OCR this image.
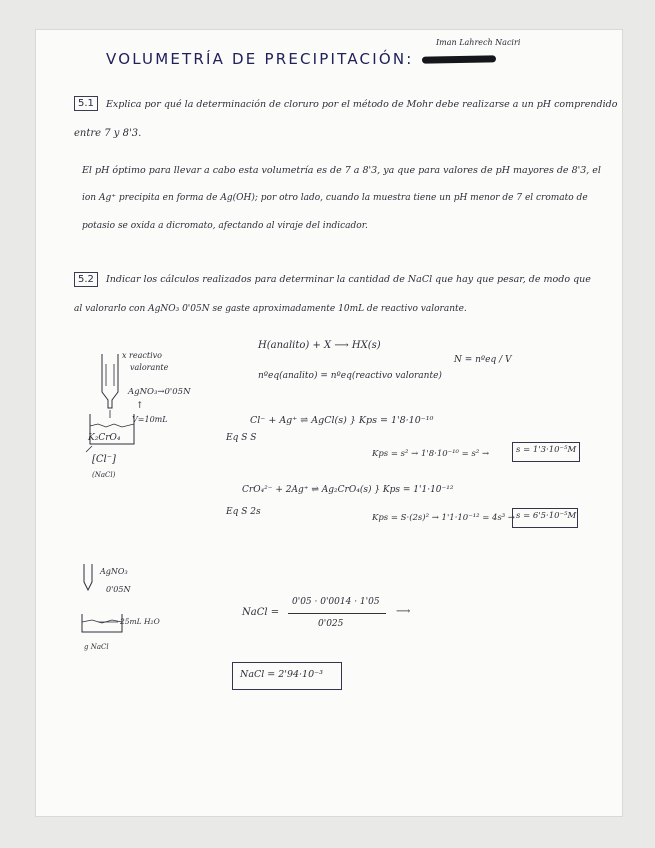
Iman Lahrech Naciri
VOLUMETRÍA DE PRECIPITACIÓN:
5.1	Explica por qué la determinación de cloruro por el método de Mohr debe realizarse a un pH comprendido
entre 7 y 8'3.
El pH óptimo para llevar a cabo esta volumetría es de 7 a 8'3, ya que para valores de pH mayores de 8'3, el
ion Ag⁺ precipita en forma de Ag(OH); por otro lado, cuando la muestra tiene un pH menor de 7 el cromato de
potasio se oxida a dicromato, afectando al viraje del indicador.
5.2	Indicar los cálculos realizados para determinar la cantidad de NaCl que hay que pesar, de modo que
al valorarlo con AgNO₃ 0'05N se gaste aproximadamente 10mL de reactivo valorante.
x reactivo
valorante
AgNO₃→0'05N
↑
V=10mL
K₂CrO₄
[Cl⁻]
(NaCl)
H(analito) + X ⟶ HX(s)
N = nºeq / V
nºeq(analito) = nºeq(reactivo valorante)
Cl⁻ + Ag⁺ ⇌ AgCl(s) } Kps = 1'8·10⁻¹⁰
Eq S S
Kps = s² → 1'8·10⁻¹⁰ = s² →	s = 1'3·10⁻⁵M
CrO₄²⁻ + 2Ag⁺ ⇌ Ag₂CrO₄(s) } Kps = 1'1·10⁻¹²
Eq S 2s
Kps = S·(2s)² → 1'1·10⁻¹² = 4s³ → s = 6'5·10⁻⁵M
AgNO₃
0'05N
25mL H₂O
g NaCl
NaCl =
0'05 · 0'0014 · 1'05
0'025
⟶
NaCl = 2'94·10⁻³
